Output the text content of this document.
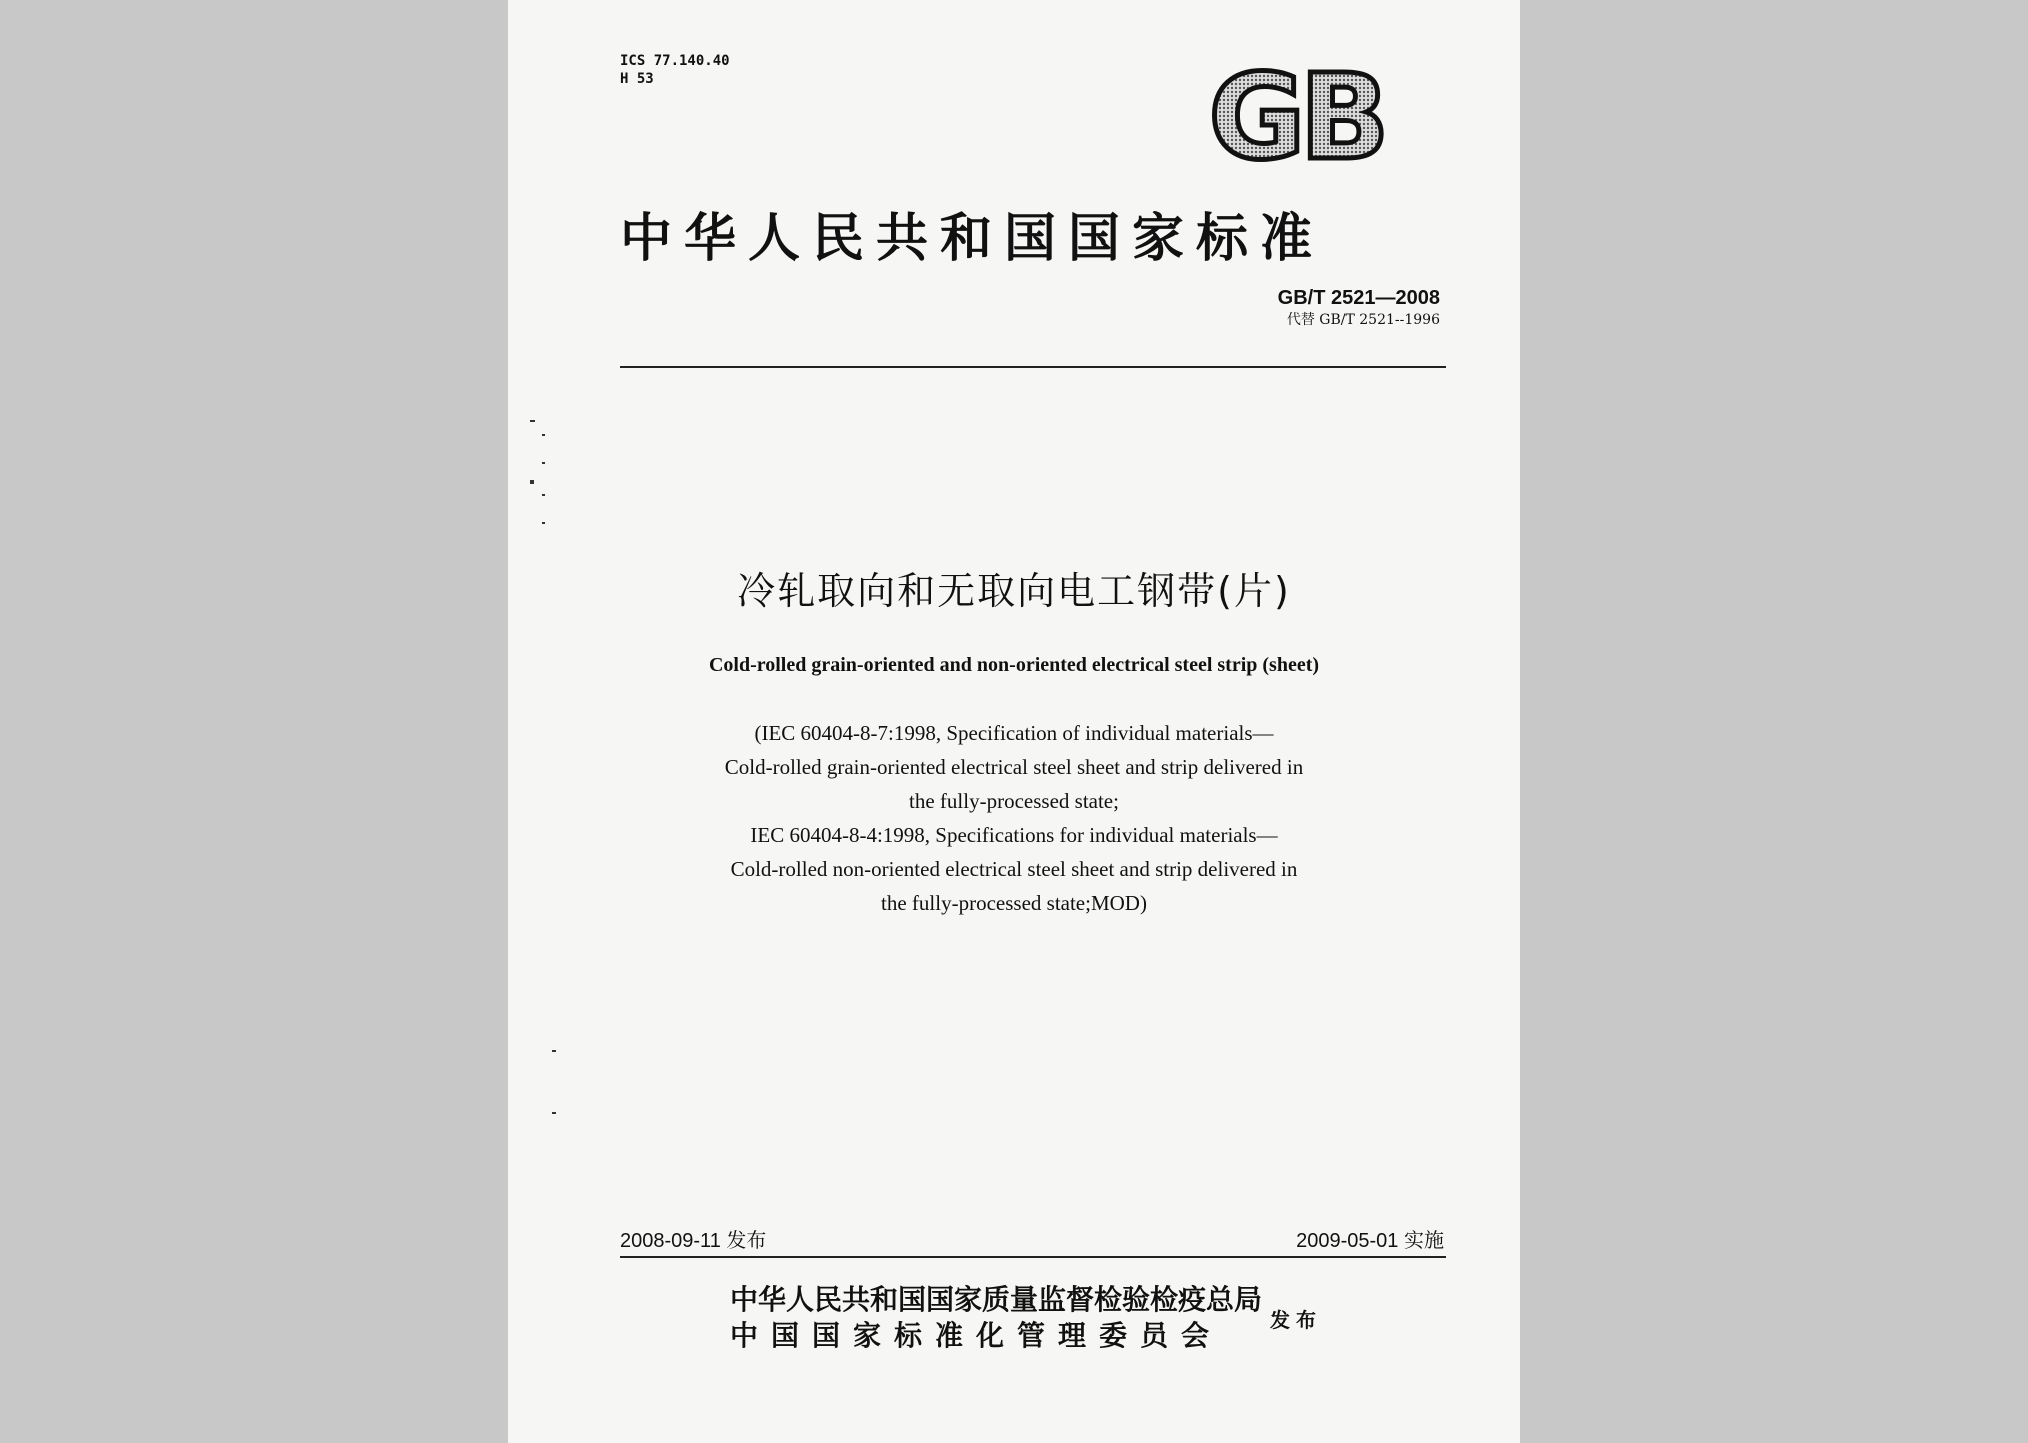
ICS 77.140.40
H 53	GB
中华人民共和国国家标准
GB/T 2521—2008
代替 GB/T 2521--1996
冷轧取向和无取向电工钢带(片)
Cold-rolled grain-oriented and non-oriented electrical steel strip (sheet)
(IEC 60404-8-7:1998, Specification of individual materials—
Cold-rolled grain-oriented electrical steel sheet and strip delivered in
the fully-processed state;
IEC 60404-8-4:1998, Specifications for individual materials—
Cold-rolled non-oriented electrical steel sheet and strip delivered in
the fully-processed state;MOD)
2008-09-11 发布	2009-05-01 实施
中华人民共和国国家质量监督检验检疫总局
中国国家标准化管理委员会	发布
